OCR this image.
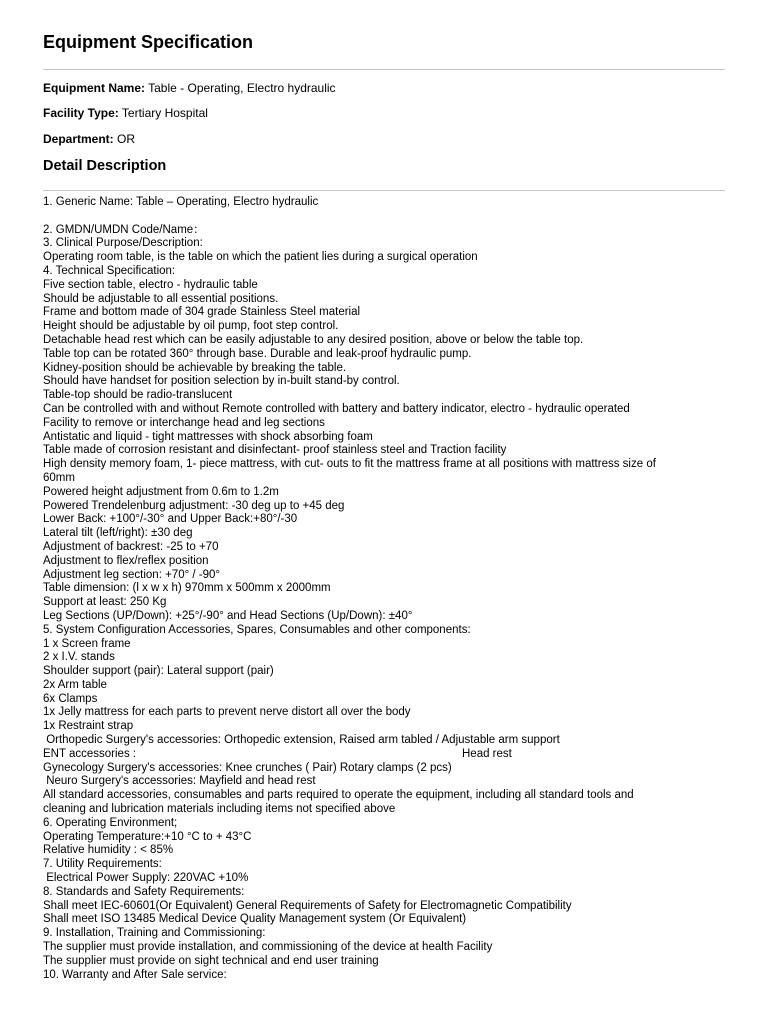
Equipment Specification

Equipment Name: Table - Operating, Electro hydraulic

Facility Type: Tertiary Hospital

Department: OR

Detail Description
1. Generic Name: Table – Operating, Electro hydraulic
2. GMDN/UMDN Code/Name：
3. Clinical Purpose/Description:
Operating room table, is the table on which the patient lies during a surgical operation
4. Technical Specification:
Five section table, electro - hydraulic table
Should be adjustable to all essential positions.
Frame and bottom made of 304 grade Stainless Steel material
Height should be adjustable by oil pump, foot step control.
Detachable head rest which can be easily adjustable to any desired position, above or below the table top.
Table top can be rotated 360° through base. Durable and leak-proof hydraulic pump.
Kidney-position should be achievable by breaking the table.
Should have handset for position selection by in-built stand-by control.
Table-top should be radio-translucent
Can be controlled with and without Remote controlled with battery and battery indicator, electro - hydraulic operated
Facility to remove or interchange head and leg sections
Antistatic and liquid - tight mattresses with shock absorbing foam
Table made of corrosion resistant and disinfectant- proof stainless steel and Traction facility
High density memory foam, 1- piece mattress, with cut- outs to fit the mattress frame at all positions with mattress size of
60mm
Powered height adjustment from 0.6m to 1.2m
Powered Trendelenburg adjustment: -30 deg up to +45 deg
Lower Back: +100°/-30° and Upper Back:+80°/-30
Lateral tilt (left/right): ±30 deg
Adjustment of backrest: -25 to +70
Adjustment to flex/reflex position
Adjustment leg section: +70° / -90°
Table dimension: (l x w x h) 970mm x 500mm x 2000mm
Support at least: 250 Kg
Leg Sections (UP/Down): +25°/-90° and Head Sections (Up/Down): ±40°
5. System Configuration Accessories, Spares, Consumables and other components:
1 x Screen frame
2 x I.V. stands
Shoulder support (pair): Lateral support (pair)
2x Arm table
6x Clamps
1x Jelly mattress for each parts to prevent nerve distort all over the body
1x Restraint strap
Orthopedic Surgery's accessories: Orthopedic extension, Raised arm tabled / Adjustable arm support
ENT accessories :                                                                                                      Head rest
Gynecology Surgery's accessories: Knee crunches ( Pair) Rotary clamps (2 pcs)
Neuro Surgery's accessories: Mayfield and head rest
All standard accessories, consumables and parts required to operate the equipment, including all standard tools and
cleaning and lubrication materials including items not specified above
6. Operating Environment;
Operating Temperature:+10 °C to + 43°C
Relative humidity : < 85%
7. Utility Requirements:
Electrical Power Supply: 220VAC +10%
8. Standards and Safety Requirements:
Shall meet IEC-60601(Or Equivalent) General Requirements of Safety for Electromagnetic Compatibility
Shall meet ISO 13485 Medical Device Quality Management system (Or Equivalent)
9. Installation, Training and Commissioning:
The supplier must provide installation, and commissioning of the device at health Facility
The supplier must provide on sight technical and end user training
10. Warranty and After Sale service:
